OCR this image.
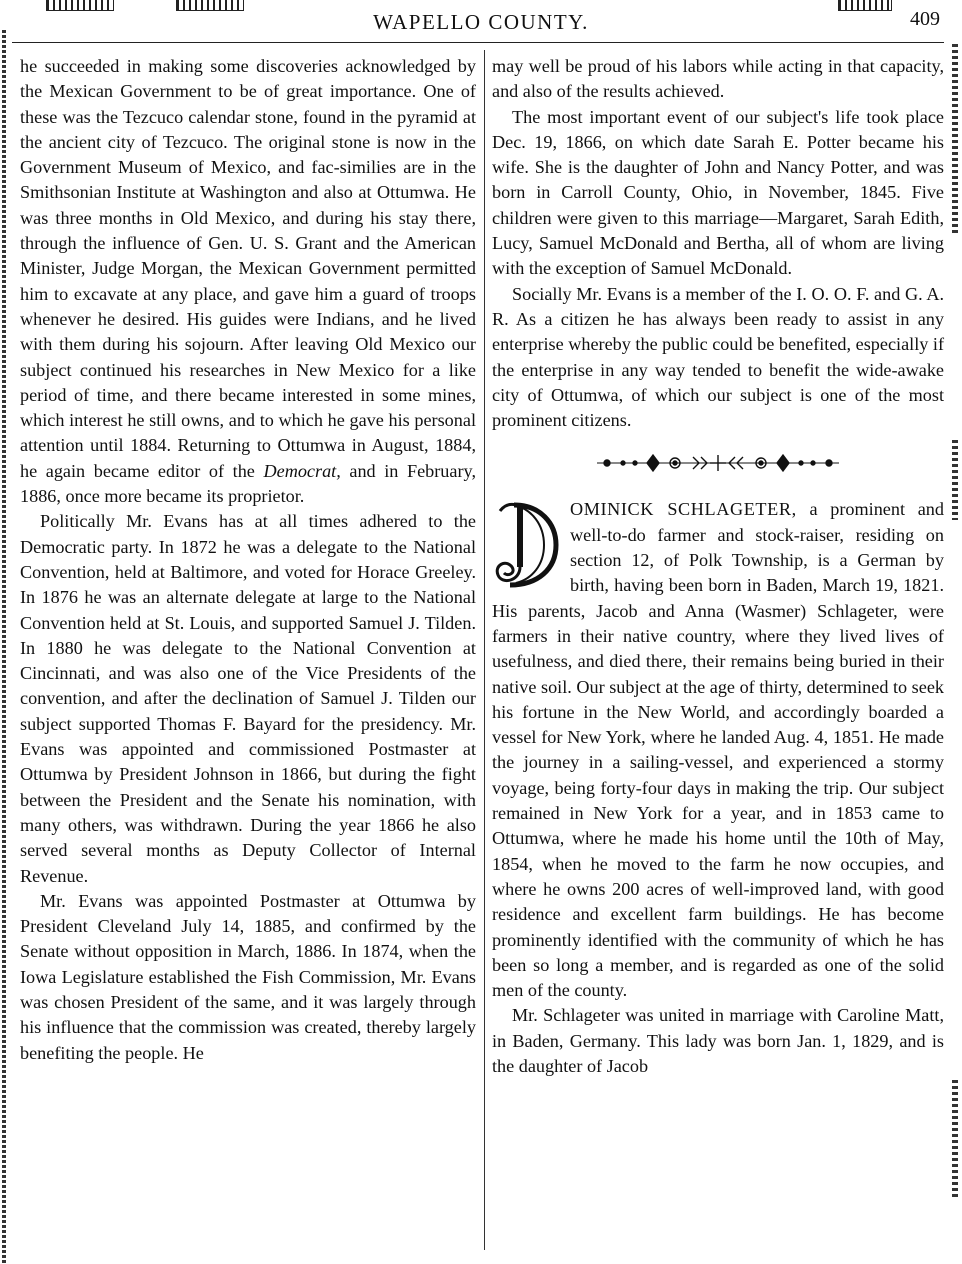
WAPELLO COUNTY.	409

he succeeded in making some discoveries acknowledged by the Mexican Government to be of great importance. One of these was the Tezcuco calendar stone, found in the pyramid at the ancient city of Tezcuco. The original stone is now in the Government Museum of Mexico, and fac-similies are in the Smithsonian Institute at Washington and also at Ottumwa. He was three months in Old Mexico, and during his stay there, through the influence of Gen. U. S. Grant and the American Minister, Judge Morgan, the Mexican Government permitted him to excavate at any place, and gave him a guard of troops whenever he desired. His guides were Indians, and he lived with them during his sojourn. After leaving Old Mexico our subject continued his researches in New Mexico for a like period of time, and there became interested in some mines, which interest he still owns, and to which he gave his personal attention until 1884. Returning to Ottumwa in August, 1884, he again became editor of the Democrat, and in February, 1886, once more became its proprietor.

Politically Mr. Evans has at all times adhered to the Democratic party. In 1872 he was a delegate to the National Convention, held at Baltimore, and voted for Horace Greeley. In 1876 he was an alternate delegate at large to the National Convention held at St. Louis, and supported Samuel J. Tilden. In 1880 he was delegate to the National Convention at Cincinnati, and was also one of the Vice Presidents of the convention, and after the declination of Samuel J. Tilden our subject supported Thomas F. Bayard for the presidency. Mr. Evans was appointed and commissioned Postmaster at Ottumwa by President Johnson in 1866, but during the fight between the President and the Senate his nomination, with many others, was withdrawn. During the year 1866 he also served several months as Deputy Collector of Internal Revenue.

Mr. Evans was appointed Postmaster at Ottumwa by President Cleveland July 14, 1885, and confirmed by the Senate without opposition in March, 1886. In 1874, when the Iowa Legislature established the Fish Commission, Mr. Evans was chosen President of the same, and it was largely through his influence that the commission was created, thereby largely benefiting the people. He

may well be proud of his labors while acting in that capacity, and also of the results achieved.

The most important event of our subject's life took place Dec. 19, 1866, on which date Sarah E. Potter became his wife. She is the daughter of John and Nancy Potter, and was born in Carroll County, Ohio, in November, 1845. Five children were given to this marriage—Margaret, Sarah Edith, Lucy, Samuel McDonald and Bertha, all of whom are living with the exception of Samuel McDonald.

Socially Mr. Evans is a member of the I. O. O. F. and G. A. R. As a citizen he has always been ready to assist in any enterprise whereby the public could be benefited, especially if the enterprise in any way tended to benefit the wide-awake city of Ottumwa, of which our subject is one of the most prominent citizens.

OMINICK SCHLAGETER, a prominent and well-to-do farmer and stock-raiser, residing on section 12, of Polk Township, is a German by birth, having been born in Baden, March 19, 1821. His parents, Jacob and Anna (Wasmer) Schlageter, were farmers in their native country, where they lived lives of usefulness, and died there, their remains being buried in their native soil. Our subject at the age of thirty, determined to seek his fortune in the New World, and accordingly boarded a vessel for New York, where he landed Aug. 4, 1851. He made the journey in a sailing-vessel, and experienced a stormy voyage, being forty-four days in making the trip. Our subject remained in New York for a year, and in 1853 came to Ottumwa, where he made his home until the 10th of May, 1854, when he moved to the farm he now occupies, and where he owns 200 acres of well-improved land, with good residence and excellent farm buildings. He has become prominently identified with the community of which he has been so long a member, and is regarded as one of the solid men of the county.

Mr. Schlageter was united in marriage with Caroline Matt, in Baden, Germany. This lady was born Jan. 1, 1829, and is the daughter of Jacob
